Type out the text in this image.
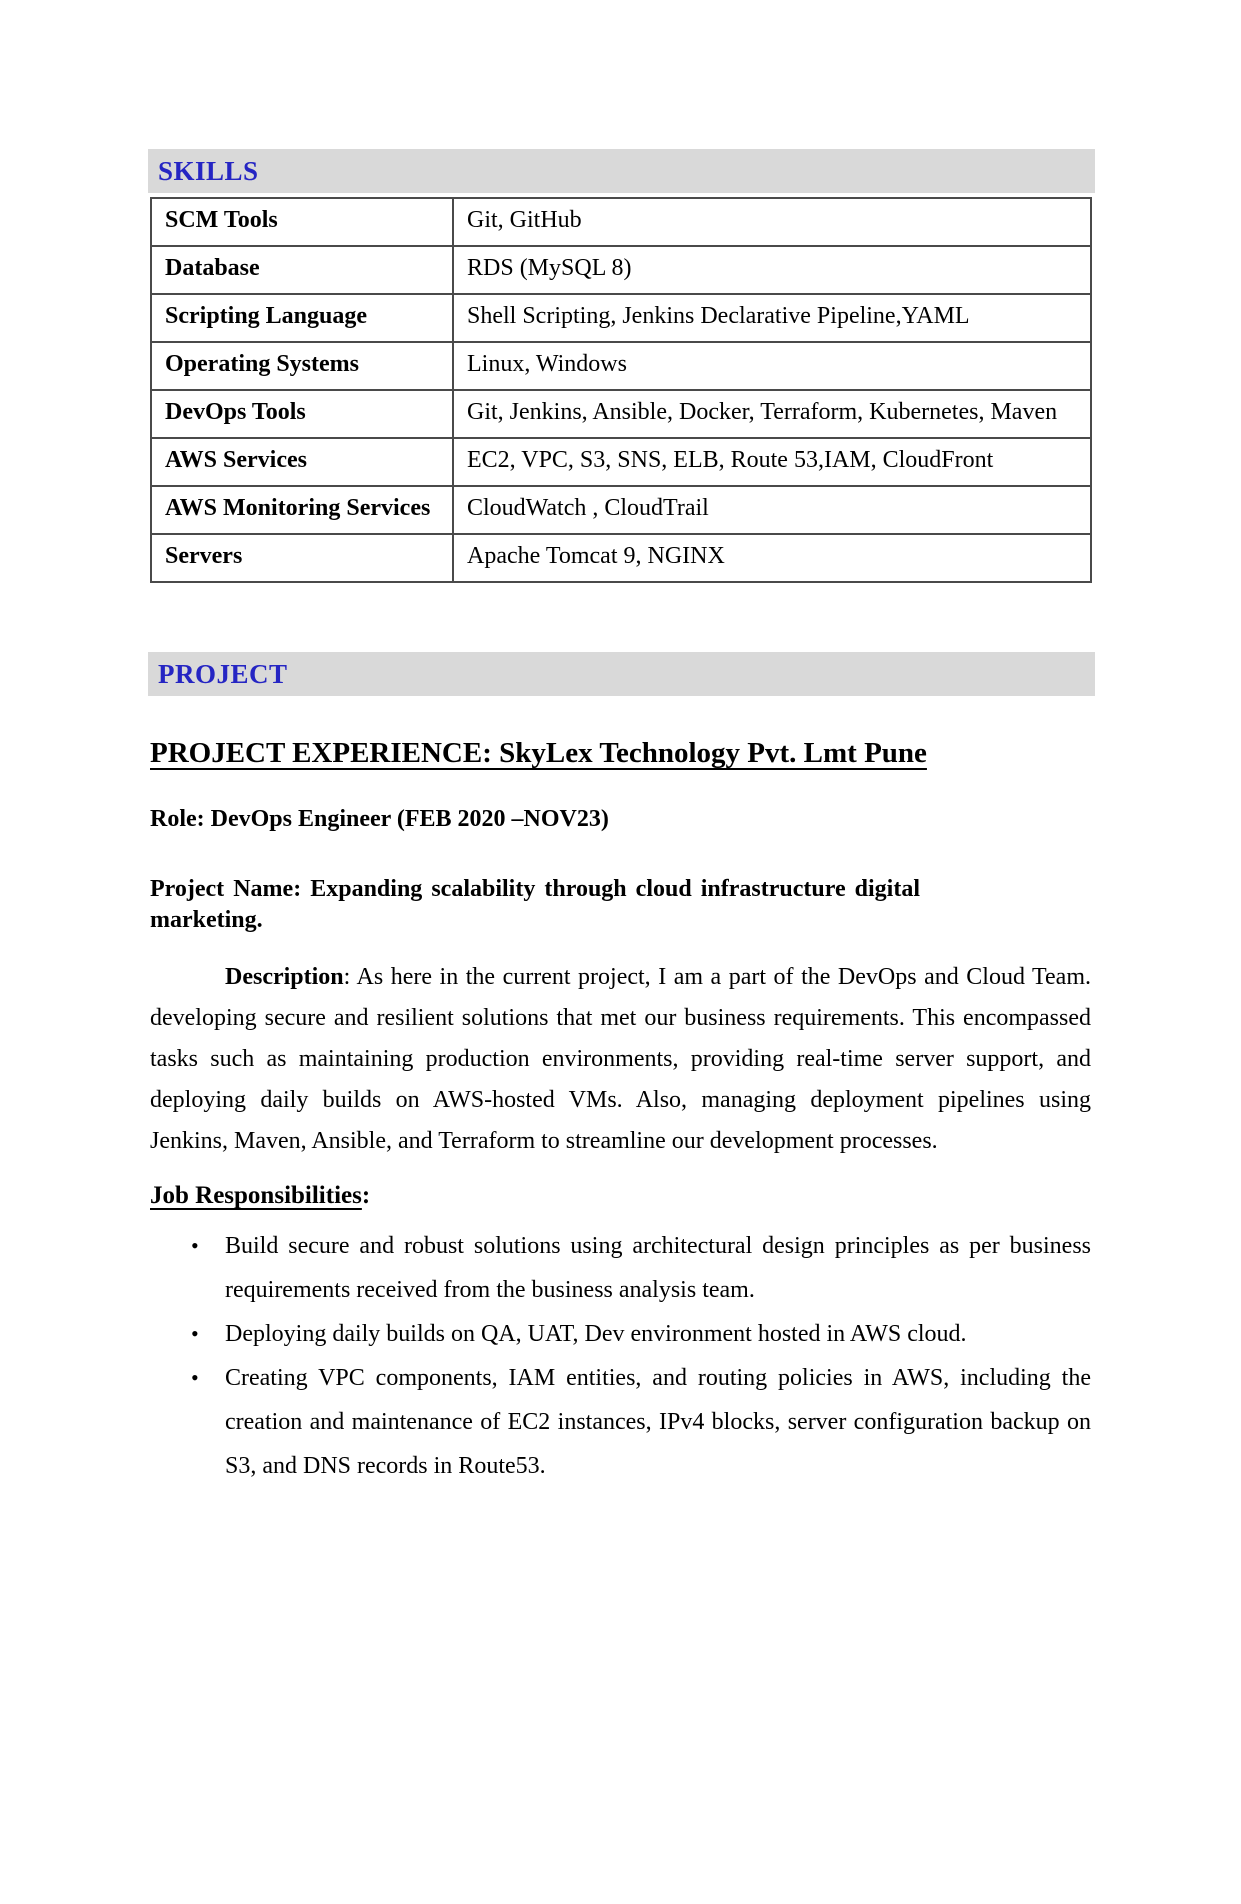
SKILLS
SCM Tools	Git, GitHub
Database	RDS (MySQL 8)
Scripting Language	Shell Scripting, Jenkins Declarative Pipeline,YAML
Operating Systems	Linux, Windows
DevOps Tools	Git, Jenkins, Ansible, Docker, Terraform, Kubernetes, Maven
AWS Services	EC2, VPC, S3, SNS, ELB, Route 53,IAM, CloudFront
AWS Monitoring Services	CloudWatch , CloudTrail
Servers	Apache Tomcat 9, NGINX
PROJECT
PROJECT EXPERIENCE: SkyLex Technology Pvt. Lmt Pune
Role: DevOps Engineer (FEB 2020 –NOV23)
Project Name: Expanding scalability through cloud infrastructure digital marketing.
Description: As here in the current project, I am a part of the DevOps and Cloud Team. developing secure and resilient solutions that met our business requirements. This encompassed tasks such as maintaining production environments, providing real-time server support, and deploying daily builds on AWS-hosted VMs. Also, managing deployment pipelines using Jenkins, Maven, Ansible, and Terraform to streamline our development processes.
Job Responsibilities:
• Build secure and robust solutions using architectural design principles as per business requirements received from the business analysis team.
• Deploying daily builds on QA, UAT, Dev environment hosted in AWS cloud.
• Creating VPC components, IAM entities, and routing policies in AWS, including the creation and maintenance of EC2 instances, IPv4 blocks, server configuration backup on S3, and DNS records in Route53.
